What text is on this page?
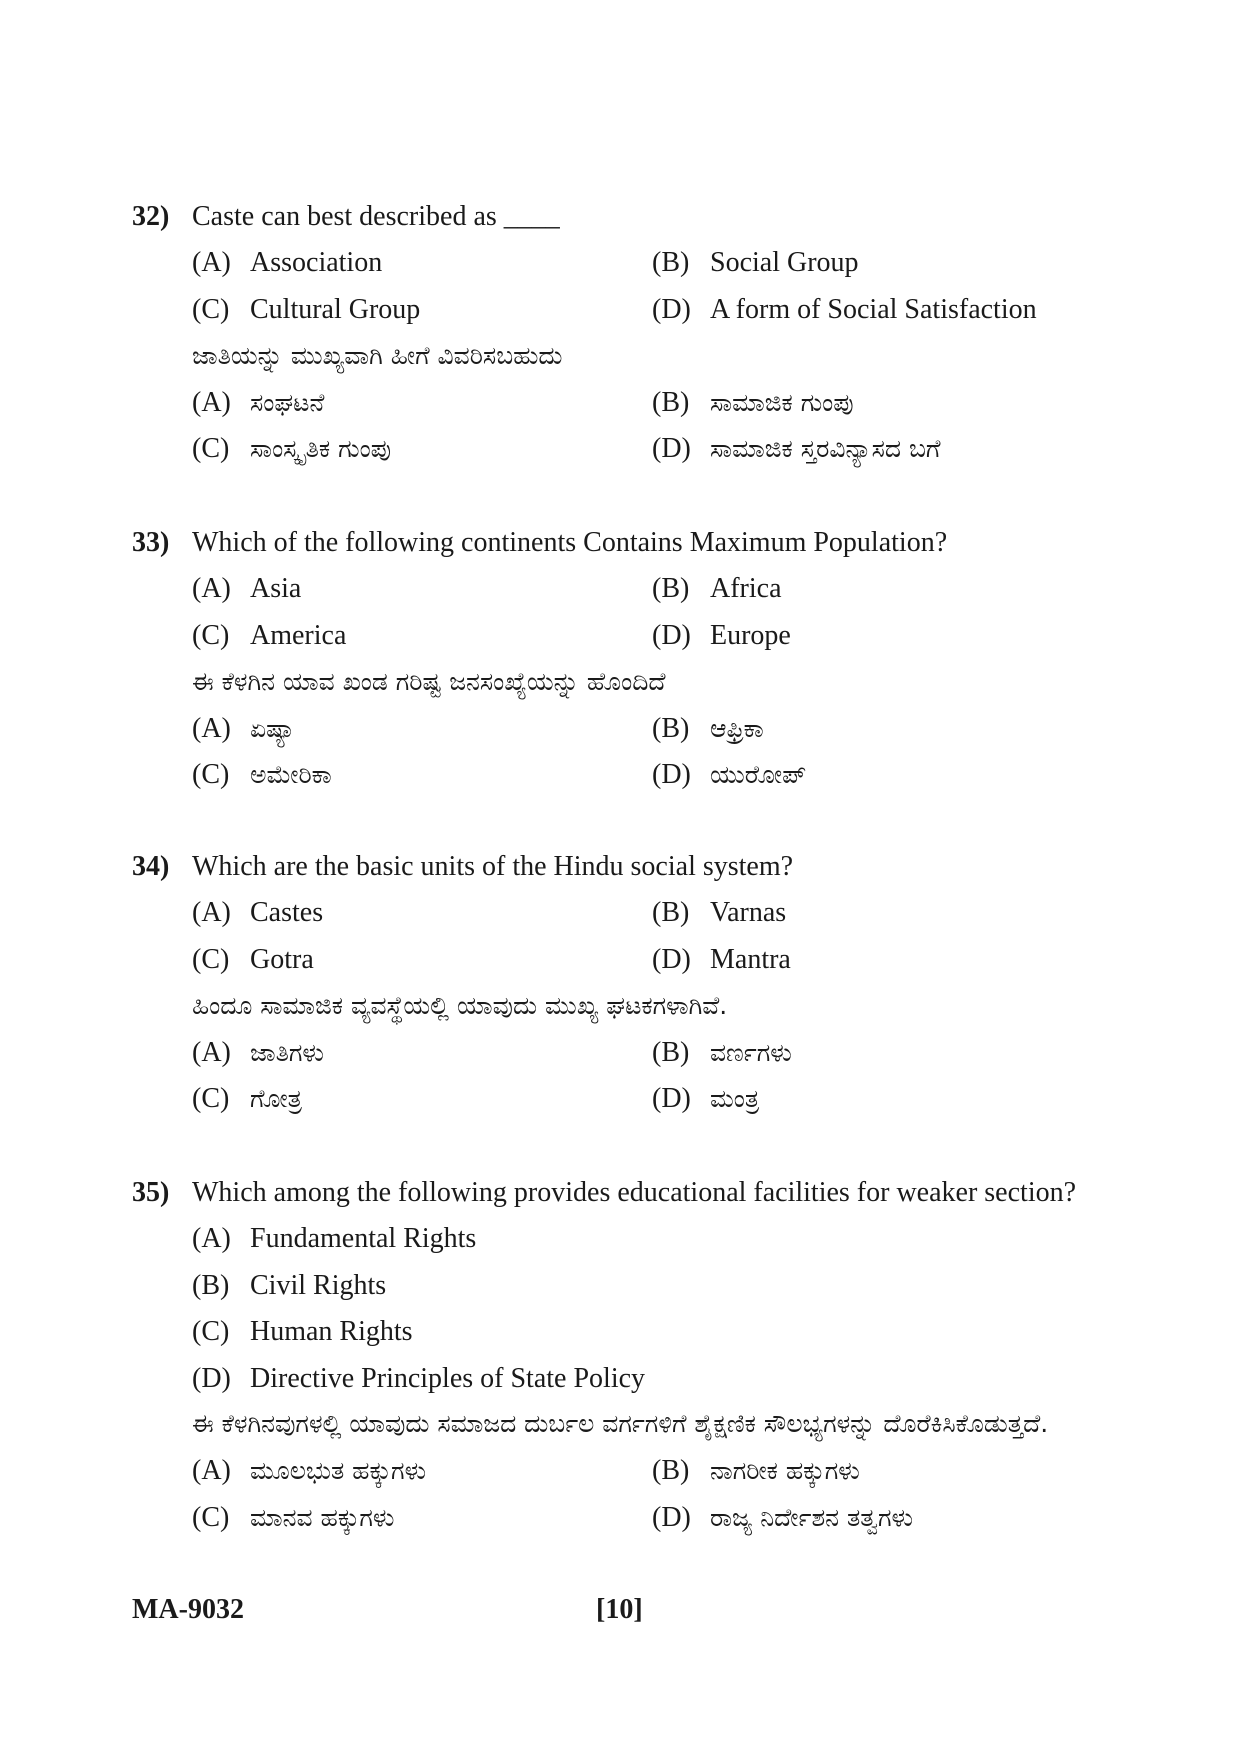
32) Caste can best described as ____
(A) Association	(B) Social Group
(C) Cultural Group	(D) A form of Social Satisfaction
ಜಾತಿಯನ್ನು ಮುಖ್ಯವಾಗಿ ಹೀಗೆ ವಿವರಿಸಬಹುದು
(A) ಸಂಘಟನೆ	(B) ಸಾಮಾಜಿಕ ಗುಂಪು
(C) ಸಾಂಸ್ಕೃತಿಕ ಗುಂಪು	(D) ಸಾಮಾಜಿಕ ಸ್ತರವಿನ್ಯಾಸದ ಬಗೆ
33) Which of the following continents Contains Maximum Population?
(A) Asia	(B) Africa
(C) America	(D) Europe
ಈ ಕೆಳಗಿನ ಯಾವ ಖಂಡ ಗರಿಷ್ಟ ಜನಸಂಖ್ಯೆಯನ್ನು ಹೊಂದಿದೆ
(A) ಏಷ್ಯಾ	(B) ಆಫ್ರಿಕಾ
(C) ಅಮೇರಿಕಾ	(D) ಯುರೋಪ್
34) Which are the basic units of the Hindu social system?
(A) Castes	(B) Varnas
(C) Gotra	(D) Mantra
ಹಿಂದೂ ಸಾಮಾಜಿಕ ವ್ಯವಸ್ಥೆಯಲ್ಲಿ ಯಾವುದು ಮುಖ್ಯ ಘಟಕಗಳಾಗಿವೆ.
(A) ಜಾತಿಗಳು	(B) ವರ್ಣಗಳು
(C) ಗೋತ್ರ	(D) ಮಂತ್ರ
35) Which among the following provides educational facilities for weaker section?
(A) Fundamental Rights
(B) Civil Rights
(C) Human Rights
(D) Directive Principles of State Policy
ಈ ಕೆಳಗಿನವುಗಳಲ್ಲಿ ಯಾವುದು ಸಮಾಜದ ದುರ್ಬಲ ವರ್ಗಗಳಿಗೆ ಶೈಕ್ಷಣಿಕ ಸೌಲಭ್ಯಗಳನ್ನು ದೊರೆಕಿಸಿಕೊಡುತ್ತದೆ.
(A) ಮೂಲಭುತ ಹಕ್ಕುಗಳು	(B) ನಾಗರೀಕ ಹಕ್ಕುಗಳು
(C) ಮಾನವ ಹಕ್ಕುಗಳು	(D) ರಾಜ್ಯ ನಿರ್ದೇಶನ ತತ್ವಗಳು
MA-9032	[10]
